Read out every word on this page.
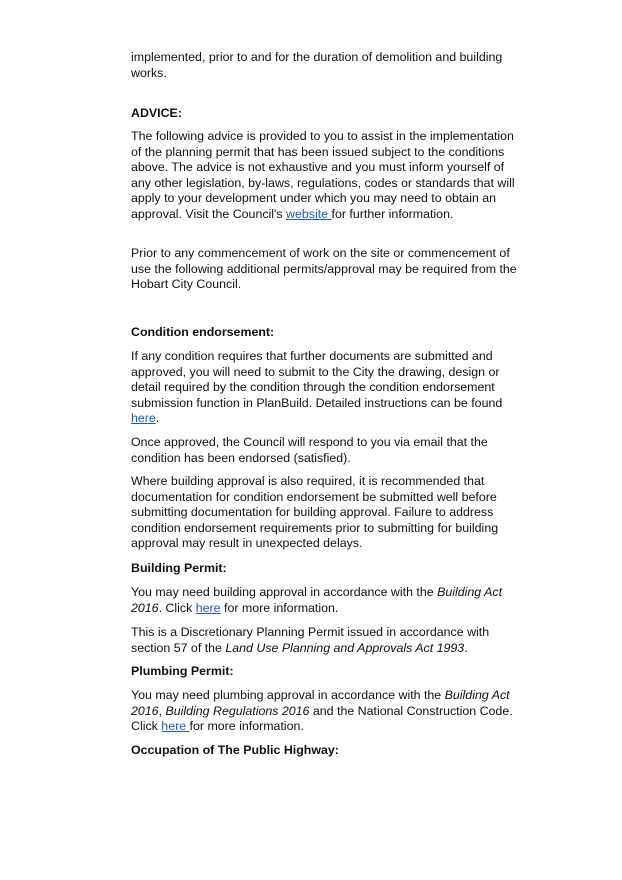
implemented, prior to and for the duration of demolition and building works.

ADVICE:

The following advice is provided to you to assist in the implementation of the planning permit that has been issued subject to the conditions above. The advice is not exhaustive and you must inform yourself of any other legislation, by-laws, regulations, codes or standards that will apply to your development under which you may need to obtain an approval. Visit the Council's website for further information.

Prior to any commencement of work on the site or commencement of use the following additional permits/approval may be required from the Hobart City Council.

Condition endorsement:

If any condition requires that further documents are submitted and approved, you will need to submit to the City the drawing, design or detail required by the condition through the condition endorsement submission function in PlanBuild. Detailed instructions can be found here.

Once approved, the Council will respond to you via email that the condition has been endorsed (satisfied).

Where building approval is also required, it is recommended that documentation for condition endorsement be submitted well before submitting documentation for building approval. Failure to address condition endorsement requirements prior to submitting for building approval may result in unexpected delays.

Building Permit:

You may need building approval in accordance with the Building Act 2016. Click here for more information.

This is a Discretionary Planning Permit issued in accordance with section 57 of the Land Use Planning and Approvals Act 1993.

Plumbing Permit:

You may need plumbing approval in accordance with the Building Act 2016, Building Regulations 2016 and the National Construction Code. Click here for more information.

Occupation of The Public Highway:
